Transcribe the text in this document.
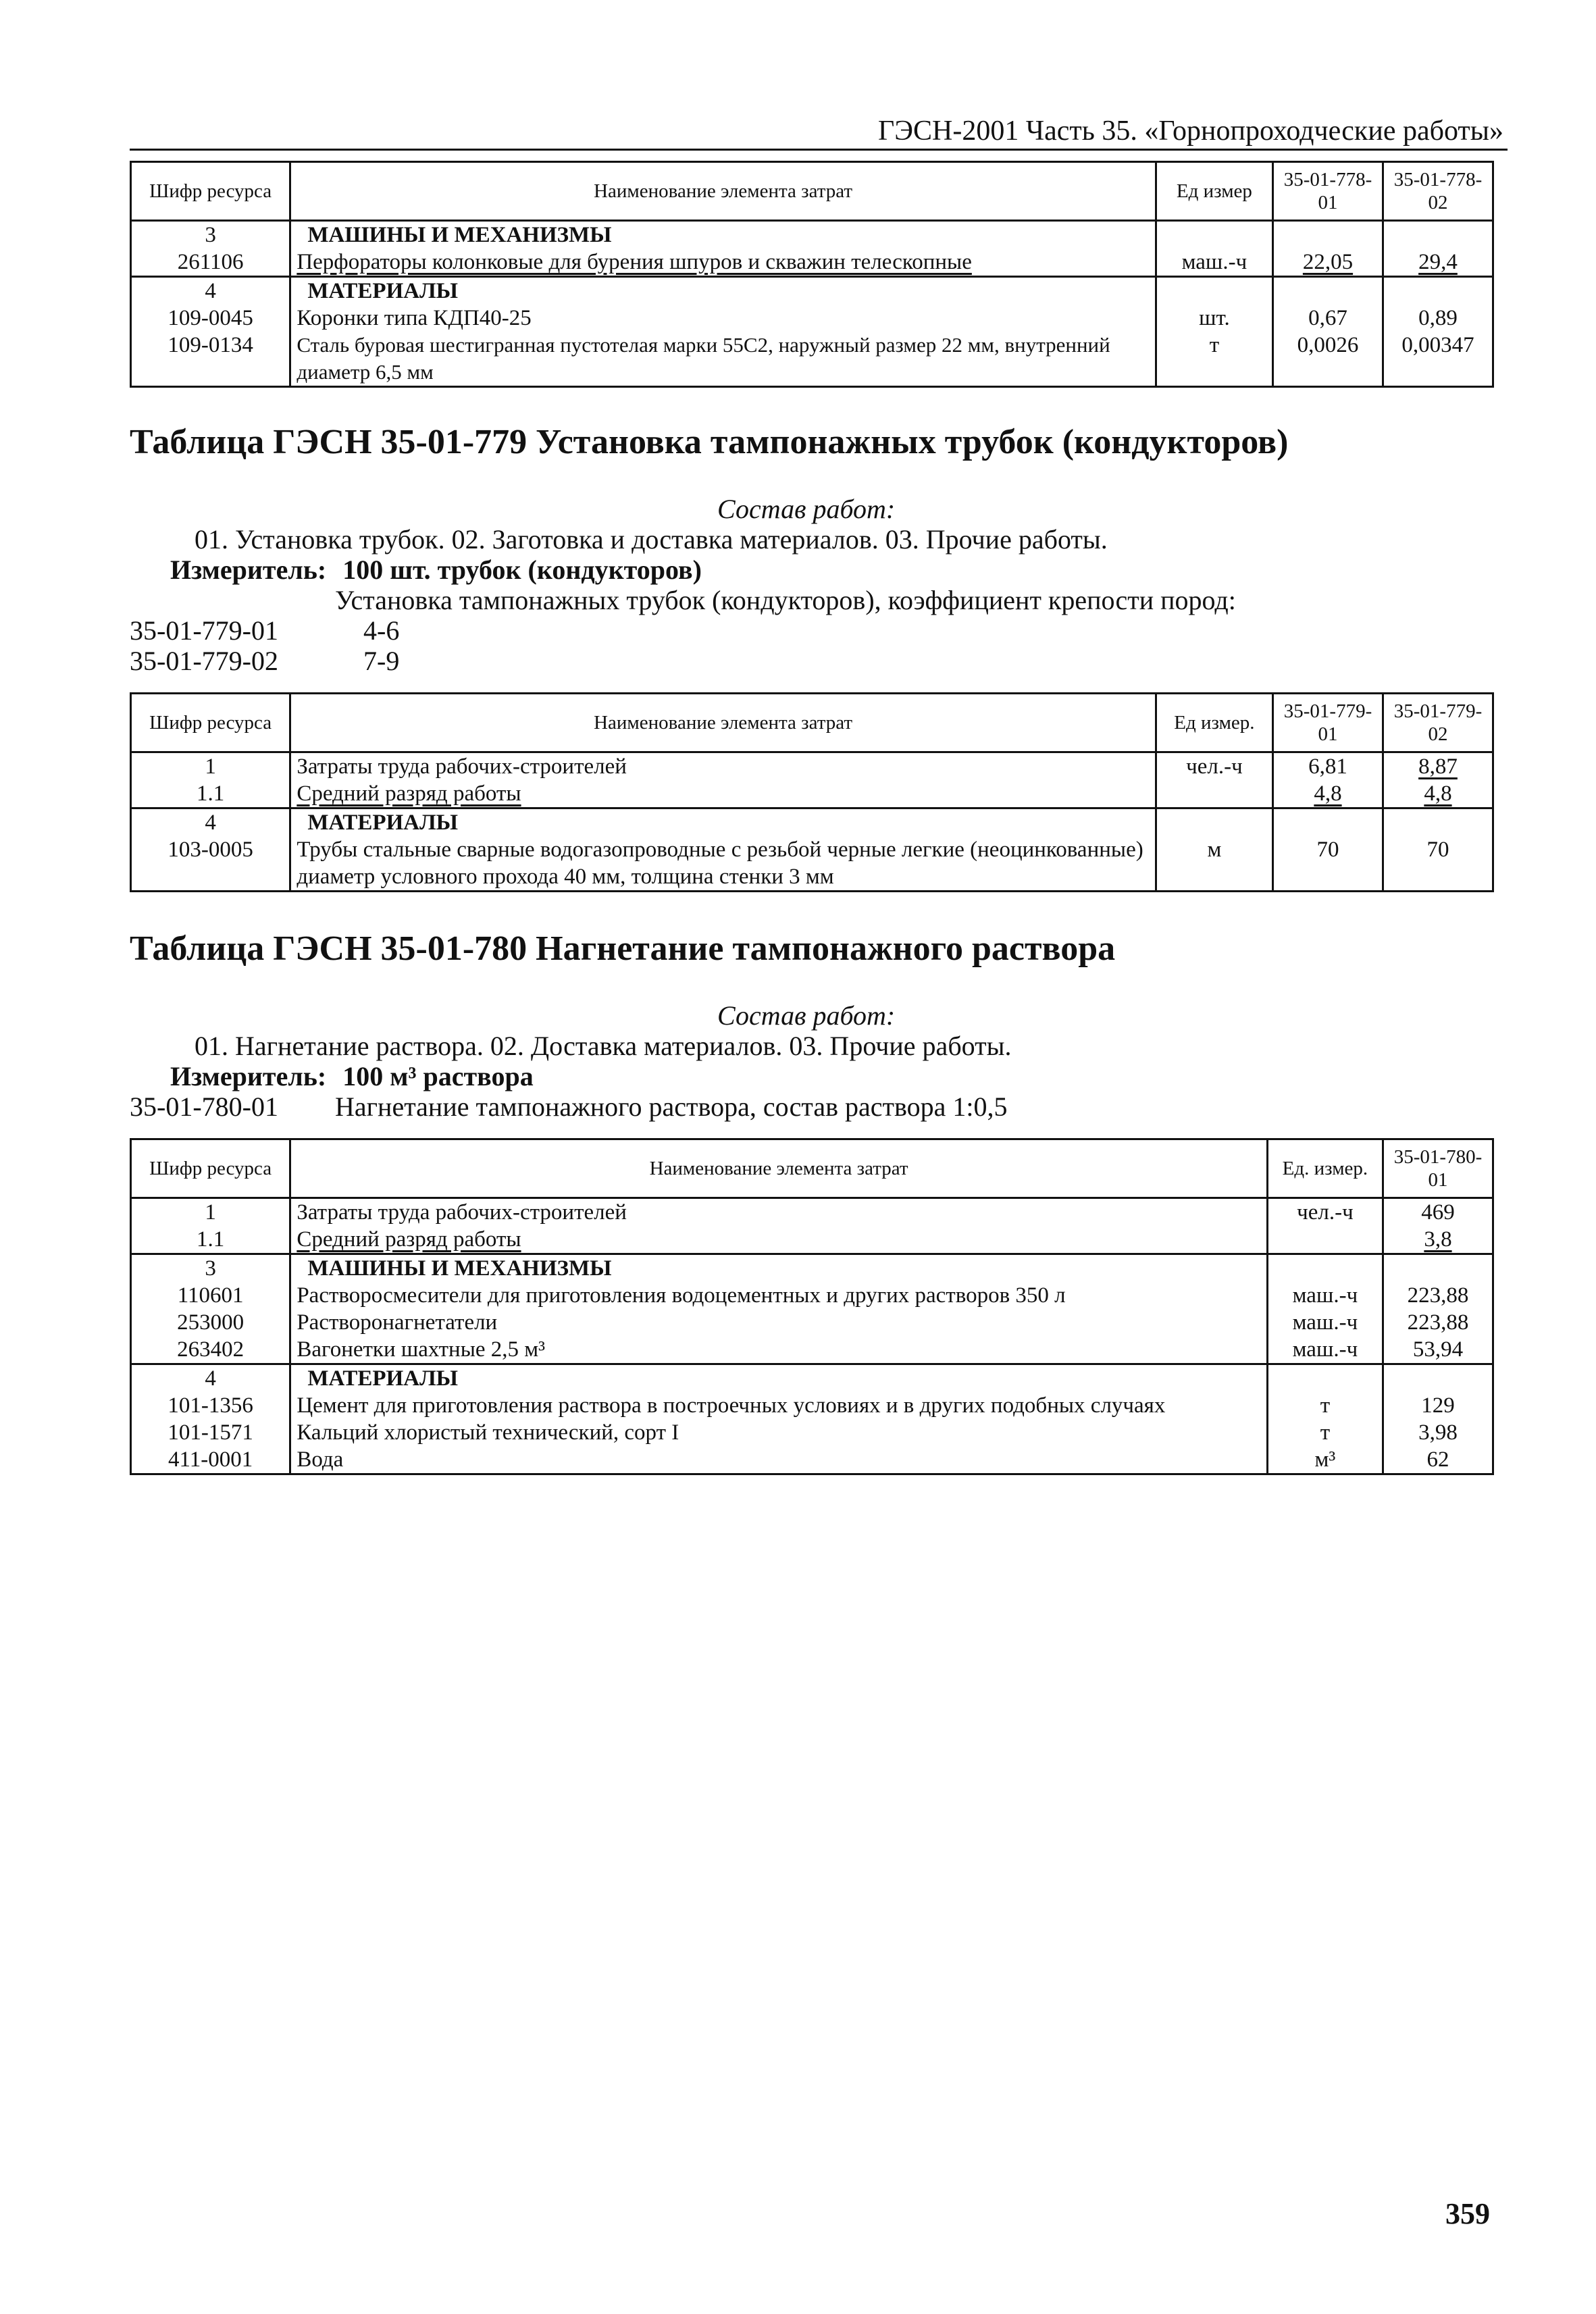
ГЭСН-2001 Часть 35. «Горнопроходческие работы»
Шифр ресурса	Наименование элемента затрат	Ед измер	35-01-778-01	35-01-778-02
3	МАШИНЫ И МЕХАНИЗМЫ			
261106	Перфораторы колонковые для бурения шпуров и скважин телескопные	маш.-ч	22,05	29,4
4	МАТЕРИАЛЫ			
109-0045	Коронки типа КДП40-25	шт.	0,67	0,89
109-0134	Сталь буровая шестигранная пустотелая марки 55С2, наружный размер 22 мм, внутренний диаметр 6,5 мм	т	0,0026	0,00347
Таблица ГЭСН 35-01-779 Установка тампонажных трубок (кондукторов)
Состав работ:
01. Установка трубок. 02. Заготовка и доставка материалов. 03. Прочие работы.
Измеритель: 100 шт. трубок (кондукторов)
Установка тампонажных трубок (кондукторов), коэффициент крепости пород:
35-01-779-01	4-6
35-01-779-02	7-9
Шифр ресурса	Наименование элемента затрат	Ед измер.	35-01-779-01	35-01-779-02
1	Затраты труда рабочих-строителей	чел.-ч	6,81	8,87
1.1	Средний разряд работы		4,8	4,8
4	МАТЕРИАЛЫ			
103-0005	Трубы стальные сварные водогазопроводные с резьбой черные легкие (неоцинкованные) диаметр условного прохода 40 мм, толщина стенки 3 мм	м	70	70
Таблица ГЭСН 35-01-780 Нагнетание тампонажного раствора
Состав работ:
01. Нагнетание раствора. 02. Доставка материалов. 03. Прочие работы.
Измеритель: 100 м³ раствора
35-01-780-01 Нагнетание тампонажного раствора, состав раствора 1:0,5
Шифр ресурса	Наименование элемента затрат	Ед. измер.	35-01-780-01
1	Затраты труда рабочих-строителей	чел.-ч	469
1.1	Средний разряд работы		3,8
3	МАШИНЫ И МЕХАНИЗМЫ		
110601	Растворосмесители для приготовления водоцементных и других растворов 350 л	маш.-ч	223,88
253000	Растворонагнетатели	маш.-ч	223,88
263402	Вагонетки шахтные 2,5 м³	маш.-ч	53,94
4	МАТЕРИАЛЫ		
101-1356	Цемент для приготовления раствора в построечных условиях и в других подобных случаях	т	129
101-1571	Кальций хлористый технический, сорт I	т	3,98
411-0001	Вода	м³	62
359
